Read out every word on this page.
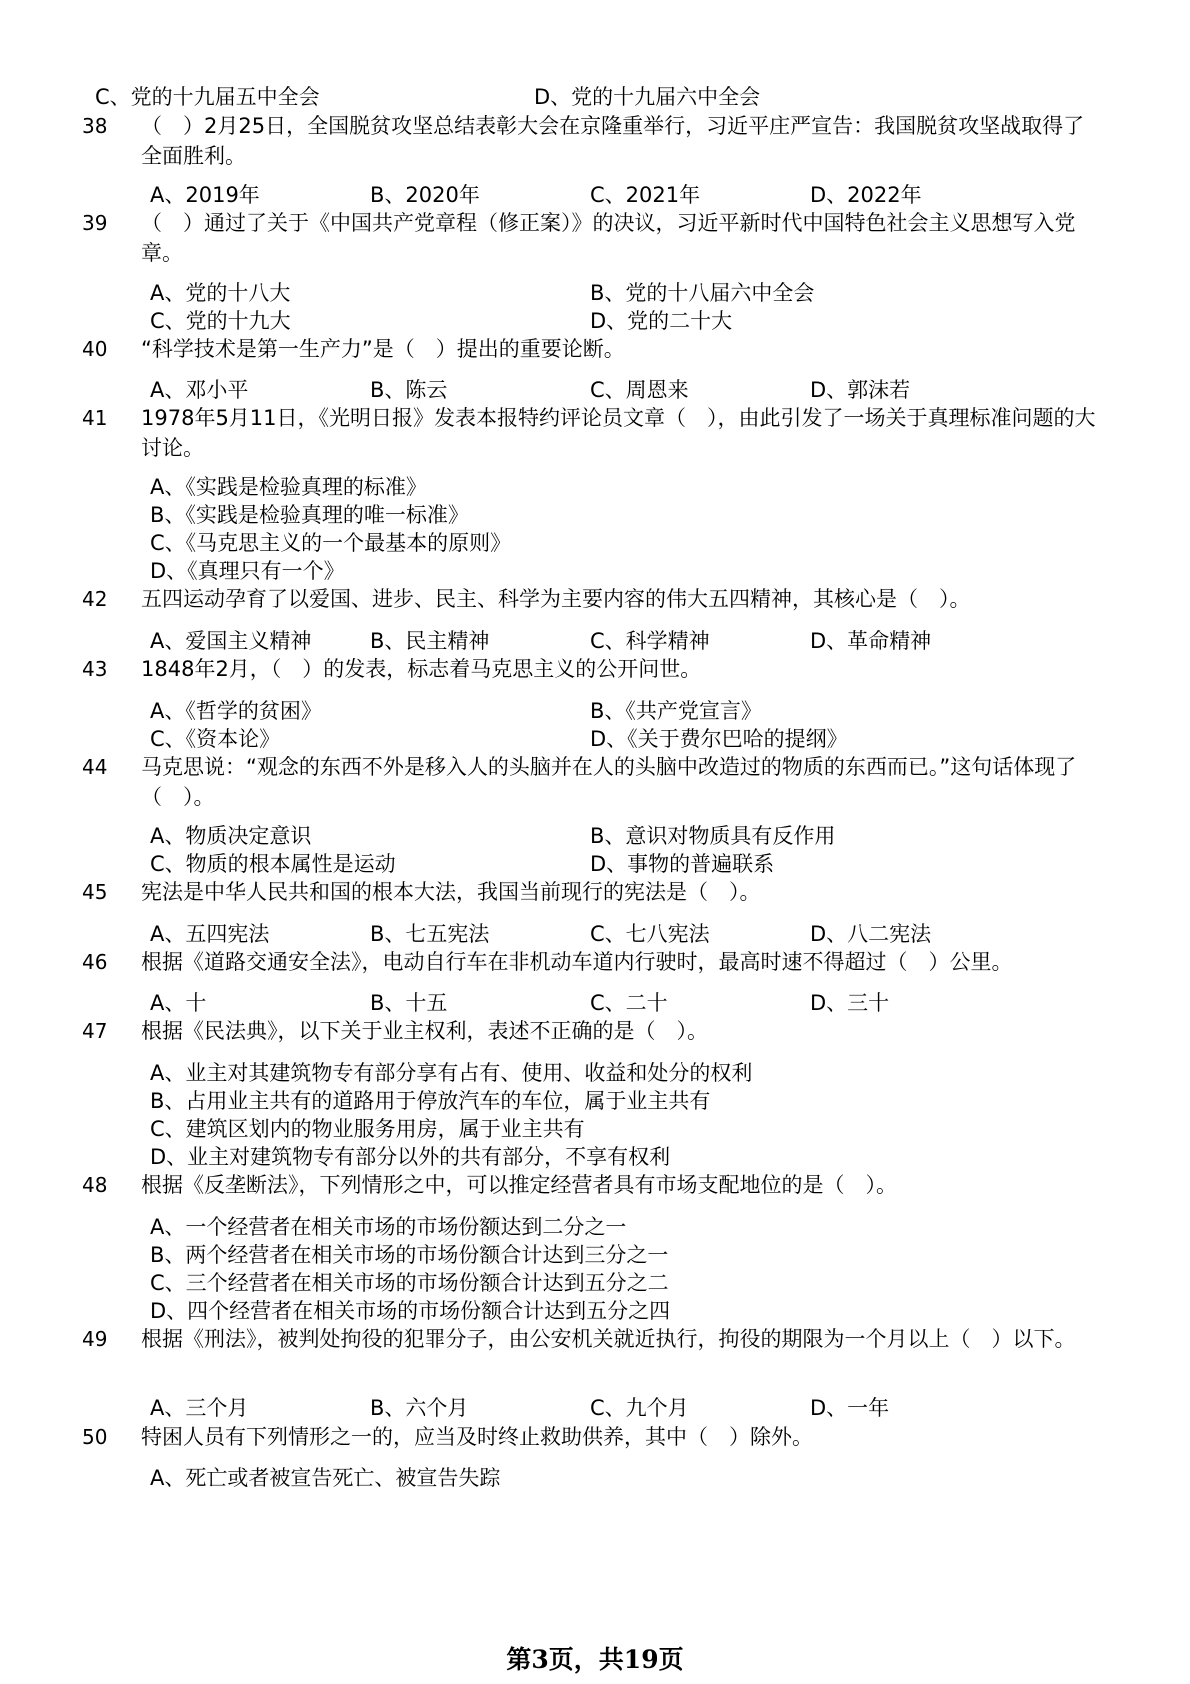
C、党的十九届五中全会	D、党的十九届六中全会
38	（　）2月25日，全国脱贫攻坚总结表彰大会在京隆重举行，习近平庄严宣告：我国脱贫攻坚战取得了全面胜利。
A、2019年	B、2020年	C、2021年	D、2022年
39	（　）通过了关于《中国共产党章程（修正案）》的决议，习近平新时代中国特色社会主义思想写入党章。
A、党的十八大	B、党的十八届六中全会
C、党的十九大	D、党的二十大
40	“科学技术是第一生产力”是（　）提出的重要论断。
A、邓小平	B、陈云	C、周恩来	D、郭沫若
41	1978年5月11日，《光明日报》发表本报特约评论员文章（　），由此引发了一场关于真理标准问题的大讨论。
A、《实践是检验真理的标准》
B、《实践是检验真理的唯一标准》
C、《马克思主义的一个最基本的原则》
D、《真理只有一个》
42	五四运动孕育了以爱国、进步、民主、科学为主要内容的伟大五四精神，其核心是（　）。
A、爱国主义精神	B、民主精神	C、科学精神	D、革命精神
43	1848年2月，（　）的发表，标志着马克思主义的公开问世。
A、《哲学的贫困》	B、《共产党宣言》
C、《资本论》	D、《关于费尔巴哈的提纲》
44	马克思说：“观念的东西不外是移入人的头脑并在人的头脑中改造过的物质的东西而已。”这句话体现了（　）。
A、物质决定意识	B、意识对物质具有反作用
C、物质的根本属性是运动	D、事物的普遍联系
45	宪法是中华人民共和国的根本大法，我国当前现行的宪法是（　）。
A、五四宪法	B、七五宪法	C、七八宪法	D、八二宪法
46	根据《道路交通安全法》，电动自行车在非机动车道内行驶时，最高时速不得超过（　）公里。
A、十	B、十五	C、二十	D、三十
47	根据《民法典》，以下关于业主权利，表述不正确的是（　）。
A、业主对其建筑物专有部分享有占有、使用、收益和处分的权利
B、占用业主共有的道路用于停放汽车的车位，属于业主共有
C、建筑区划内的物业服务用房，属于业主共有
D、业主对建筑物专有部分以外的共有部分，不享有权利
48	根据《反垄断法》，下列情形之中，可以推定经营者具有市场支配地位的是（　）。
A、一个经营者在相关市场的市场份额达到二分之一
B、两个经营者在相关市场的市场份额合计达到三分之一
C、三个经营者在相关市场的市场份额合计达到五分之二
D、四个经营者在相关市场的市场份额合计达到五分之四
49	根据《刑法》，被判处拘役的犯罪分子，由公安机关就近执行，拘役的期限为一个月以上（　）以下。
A、三个月	B、六个月	C、九个月	D、一年
50	特困人员有下列情形之一的，应当及时终止救助供养，其中（　）除外。
A、死亡或者被宣告死亡、被宣告失踪
第3页，共19页
